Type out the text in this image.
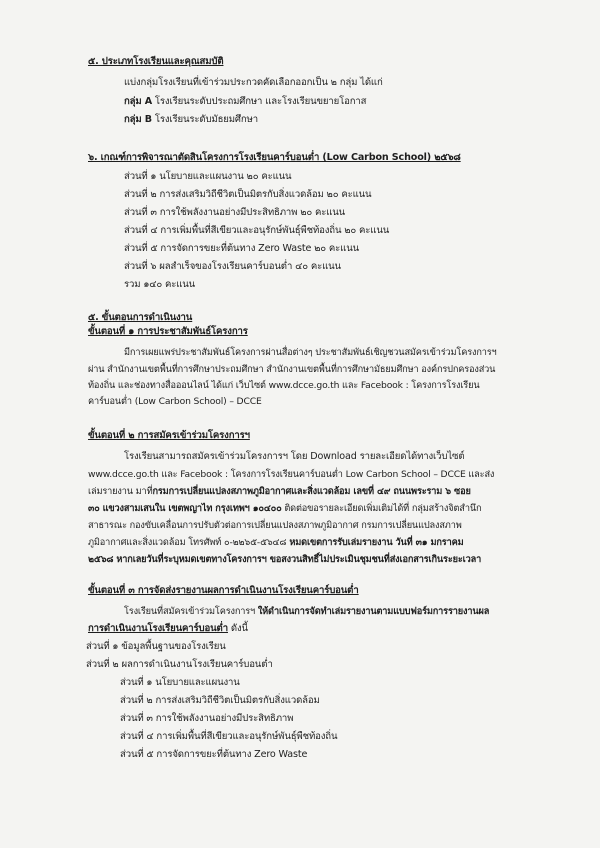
๕. ประเภทโรงเรียนและคุณสมบัติ
แบ่งกลุ่มโรงเรียนที่เข้าร่วมประกวดคัดเลือกออกเป็น ๒ กลุ่ม ได้แก่
กลุ่ม A โรงเรียนระดับประถมศึกษา และโรงเรียนขยายโอกาส
กลุ่ม B โรงเรียนระดับมัธยมศึกษา
๖. เกณฑ์การพิจารณาตัดสินโครงการโรงเรียนคาร์บอนต่ำ (Low Carbon School) ๒๕๖๘
ส่วนที่ ๑ นโยบายและแผนงาน ๒๐ คะแนน
ส่วนที่ ๒ การส่งเสริมวิถีชีวิตเป็นมิตรกับสิ่งแวดล้อม ๒๐ คะแนน
ส่วนที่ ๓ การใช้พลังงานอย่างมีประสิทธิภาพ ๒๐ คะแนน
ส่วนที่ ๔ การเพิ่มพื้นที่สีเขียวและอนุรักษ์พันธุ์พืชท้องถิ่น ๒๐ คะแนน
ส่วนที่ ๕ การจัดการขยะที่ต้นทาง Zero Waste ๒๐ คะแนน
ส่วนที่ ๖ ผลสำเร็จของโรงเรียนคาร์บอนต่ำ ๔๐ คะแนน
รวม ๑๔๐ คะแนน
๕. ขั้นตอนการดำเนินงาน
ขั้นตอนที่ ๑ การประชาสัมพันธ์โครงการ
มีการเผยแพร่ประชาสัมพันธ์โครงการผ่านสื่อต่างๆ ประชาสัมพันธ์เชิญชวนสมัครเข้าร่วมโครงการฯ
ผ่าน สำนักงานเขตพื้นที่การศึกษาประถมศึกษา สำนักงานเขตพื้นที่การศึกษามัธยมศึกษา องค์กรปกครองส่วน
ท้องถิ่น และช่องทางสื่อออนไลน์ ได้แก่ เว็บไซต์ www.dcce.go.th และ Facebook : โครงการโรงเรียน
คาร์บอนต่ำ (Low Carbon School) – DCCE
ขั้นตอนที่ ๒ การสมัครเข้าร่วมโครงการฯ
โรงเรียนสามารถสมัครเข้าร่วมโครงการฯ โดย Download รายละเอียดได้ทางเว็บไซต์
www.dcce.go.th และ Facebook : โครงการโรงเรียนคาร์บอนต่ำ Low Carbon School – DCCE และส่ง
เล่มรายงาน มาที่กรมการเปลี่ยนแปลงสภาพภูมิอากาศและสิ่งแวดล้อม เลขที่ ๔๙ ถนนพระราม ๖ ซอย
๓๐ แขวงสามเสนใน เขตพญาไท กรุงเทพฯ ๑๐๔๐๐ ติดต่อขอรายละเอียดเพิ่มเติมได้ที่ กลุ่มสร้างจิตสำนึก
สาธารณะ กองขับเคลื่อนการปรับตัวต่อการเปลี่ยนแปลงสภาพภูมิอากาศ กรมการเปลี่ยนแปลงสภาพ
ภูมิอากาศและสิ่งแวดล้อม โทรศัพท์ ๐-๒๒๖๕-๕๖๔๘ หมดเขตการรับเล่มรายงาน วันที่ ๓๑ มกราคม
๒๕๖๘ หากเลยวันที่ระบุหมดเขตทางโครงการฯ ขอสงวนสิทธิ์ไม่ประเมินชุมชนที่ส่งเอกสารเกินระยะเวลา
ขั้นตอนที่ ๓ การจัดส่งรายงานผลการดำเนินงานโรงเรียนคาร์บอนต่ำ
โรงเรียนที่สมัครเข้าร่วมโครงการฯ ให้ดำเนินการจัดทำเล่มรายงานตามแบบฟอร์มการรายงานผล
การดำเนินงานโรงเรียนคาร์บอนต่ำ ดังนี้
ส่วนที่ ๑ ข้อมูลพื้นฐานของโรงเรียน
ส่วนที่ ๒ ผลการดำเนินงานโรงเรียนคาร์บอนต่ำ
ส่วนที่ ๑ นโยบายและแผนงาน
ส่วนที่ ๒ การส่งเสริมวิถีชีวิตเป็นมิตรกับสิ่งแวดล้อม
ส่วนที่ ๓ การใช้พลังงานอย่างมีประสิทธิภาพ
ส่วนที่ ๔ การเพิ่มพื้นที่สีเขียวและอนุรักษ์พันธุ์พืชท้องถิ่น
ส่วนที่ ๕ การจัดการขยะที่ต้นทาง Zero Waste
